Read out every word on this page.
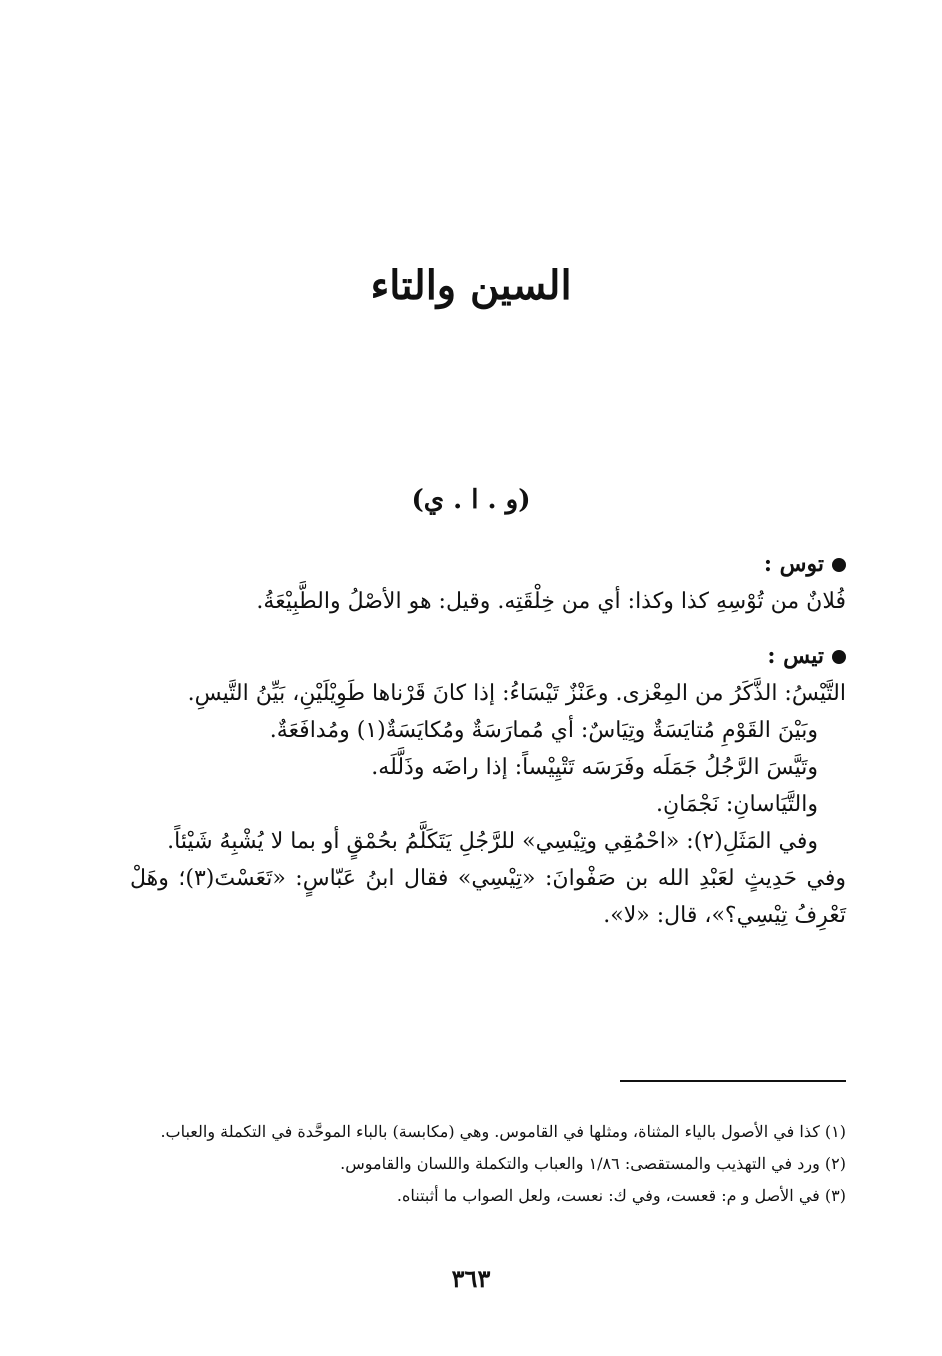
السين والتاء
(و . ا . ي)
توس :

فُلانٌ من تُوْسِهِ كذا وكذا: أي من خِلْقَتِه. وقيل: هو الأصْلُ والطَّبِيْعَةُ.

تيس :

التَّيْسُ: الذَّكَرُ من المِعْزى. وعَنْزٌ تَيْسَاءُ: إذا كانَ قَرْناها طَوِيْلَيْنِ، بَيِّنُ التَّيسِ.

وبَيْنَ القَوْمِ مُتايَسَةٌ وتِيَاسٌ: أي مُمارَسَةٌ ومُكايَسَةٌ(١) ومُدافَعَةٌ.

وتَيَّسَ الرَّجُلُ جَمَلَه وفَرَسَه تَتْيِيْساً: إذا راضَه وذَلَّلَه.

والتَّيَاسانِ: نَجْمَانِ.

وفي المَثَلِ(٢): «احْمُقِي وتِيْسِي» للرَّجُلِ يَتَكَلَّمُ بحُمْقٍ أو بما لا يُشْبِهُ شَيْئاً.

وفي حَدِيثٍ لعَبْدِ الله بن صَفْوانَ: «تِيْسِي» فقال ابنُ عَبّاسٍ: «تَعَسْتَ(٣)؛ وهَلْ تَعْرِفُ تِيْسِي؟»، قال: «لا».

(١) كذا في الأصول بالياء المثناة، ومثلها في القاموس. وهي (مكابسة) بالباء الموحَّدة في التكملة والعباب.

(٢) ورد في التهذيب والمستقصى: ١/٨٦ والعباب والتكملة واللسان والقاموس.

(٣) في الأصل و م: قعست، وفي ك: نعست، ولعل الصواب ما أثبتناه.

٣٦٣
